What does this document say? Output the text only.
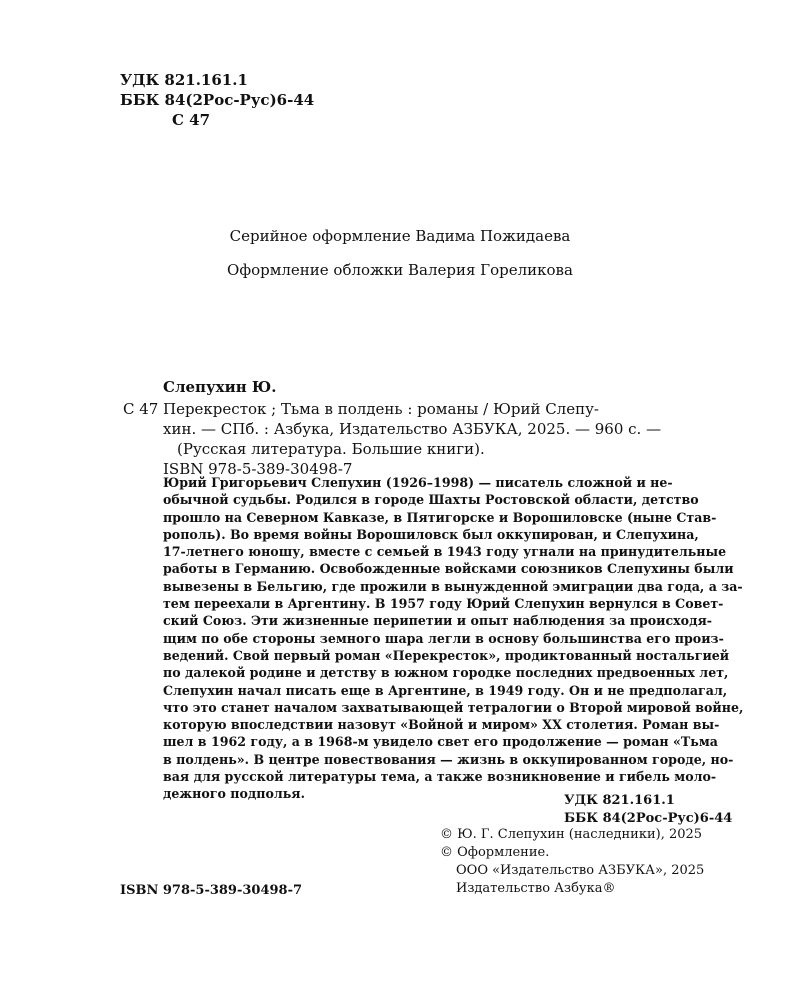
УДК 821.161.1
ББК 84(2Рос-Рус)6-44
С 47
Серийное оформление Вадима Пожидаева
Оформление обложки Валерия Гореликова
Слепухин Ю.
С 47 Перекресток ; Тьма в полдень : романы / Юрий Слепу-
хин. — СПб. : Азбука, Издательство АЗБУКА, 2025. — 960 с. —
(Русская литература. Большие книги).
ISBN 978-5-389-30498-7
Юрий Григорьевич Слепухин (1926–1998) — писатель сложной и не-
обычной судьбы. Родился в городе Шахты Ростовской области, детство
прошло на Северном Кавказе, в Пятигорске и Ворошиловске (ныне Став-
рополь). Во время войны Ворошиловск был оккупирован, и Слепухина,
17-летнего юношу, вместе с семьей в 1943 году угнали на принудительные
работы в Германию. Освобожденные войсками союзников Слепухины были
вывезены в Бельгию, где прожили в вынужденной эмиграции два года, а за-
тем переехали в Аргентину. В 1957 году Юрий Слепухин вернулся в Совет-
ский Союз. Эти жизненные перипетии и опыт наблюдения за происходя-
щим по обе стороны земного шара легли в основу большинства его произ-
ведений. Свой первый роман «Перекресток», продиктованный ностальгией
по далекой родине и детству в южном городке последних предвоенных лет,
Слепухин начал писать еще в Аргентине, в 1949 году. Он и не предполагал,
что это станет началом захватывающей тетралогии о Второй мировой войне,
которую впоследствии назовут «Войной и миром» XX столетия. Роман вы-
шел в 1962 году, а в 1968-м увидело свет его продолжение — роман «Тьма
в полдень». В центре повествования — жизнь в оккупированном городе, но-
вая для русской литературы тема, а также возникновение и гибель моло-
дежного подполья.	УДК 821.161.1
ББК 84(2Рос-Рус)6-44
© Ю. Г. Слепухин (наследники), 2025
© Оформление.
ООО «Издательство АЗБУКА», 2025
Издательство Азбука®
ISBN 978-5-389-30498-7
